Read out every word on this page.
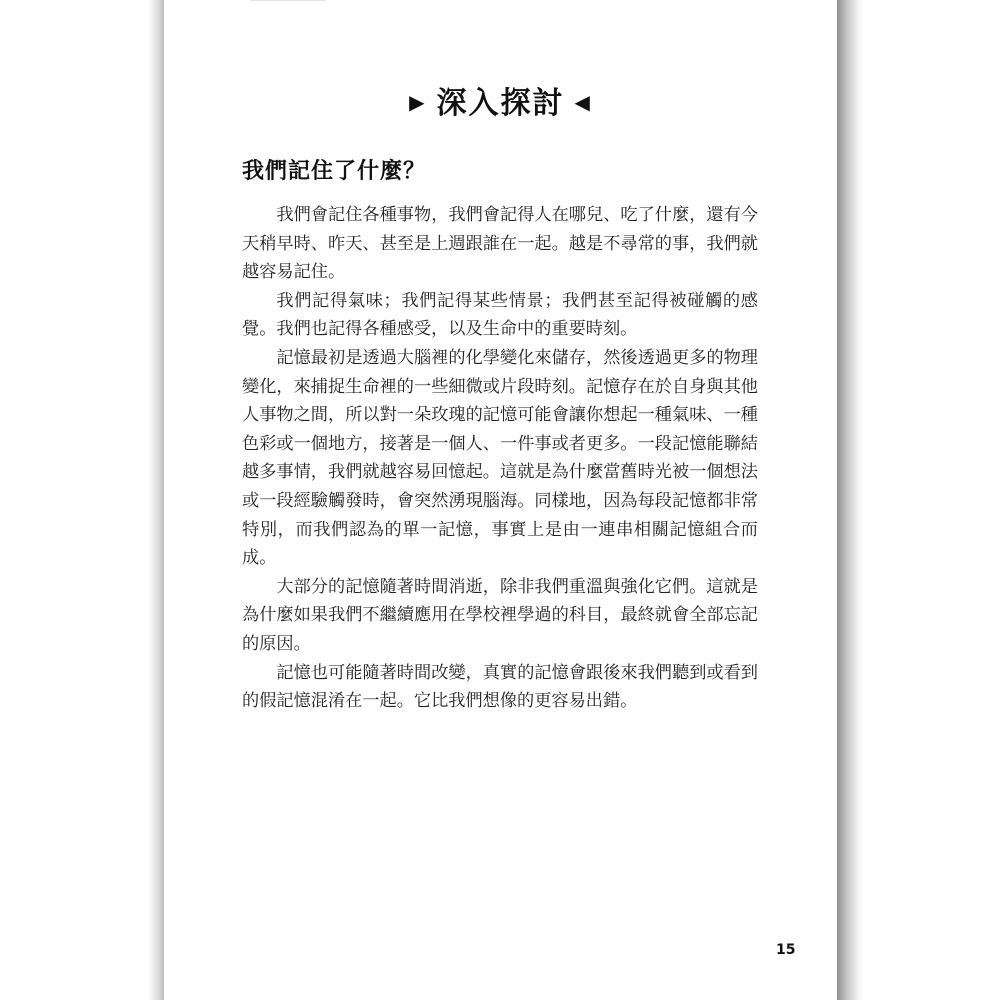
▶ 深入探討 ◀
我們記住了什麼？

我們會記住各種事物，我們會記得人在哪兒、吃了什麼，還有今天稍早時、昨天、甚至是上週跟誰在一起。越是不尋常的事，我們就越容易記住。

我們記得氣味；我們記得某些情景；我們甚至記得被碰觸的感覺。我們也記得各種感受，以及生命中的重要時刻。

記憶最初是透過大腦裡的化學變化來儲存，然後透過更多的物理變化，來捕捉生命裡的一些細微或片段時刻。記憶存在於自身與其他人事物之間，所以對一朵玫瑰的記憶可能會讓你想起一種氣味、一種色彩或一個地方，接著是一個人、一件事或者更多。一段記憶能聯結越多事情，我們就越容易回憶起。這就是為什麼當舊時光被一個想法或一段經驗觸發時，會突然湧現腦海。同樣地，因為每段記憶都非常特別，而我們認為的單一記憶，事實上是由一連串相關記憶組合而成。

大部分的記憶隨著時間消逝，除非我們重溫與強化它們。這就是為什麼如果我們不繼續應用在學校裡學過的科目，最終就會全部忘記的原因。

記憶也可能隨著時間改變，真實的記憶會跟後來我們聽到或看到的假記憶混淆在一起。它比我們想像的更容易出錯。

15
